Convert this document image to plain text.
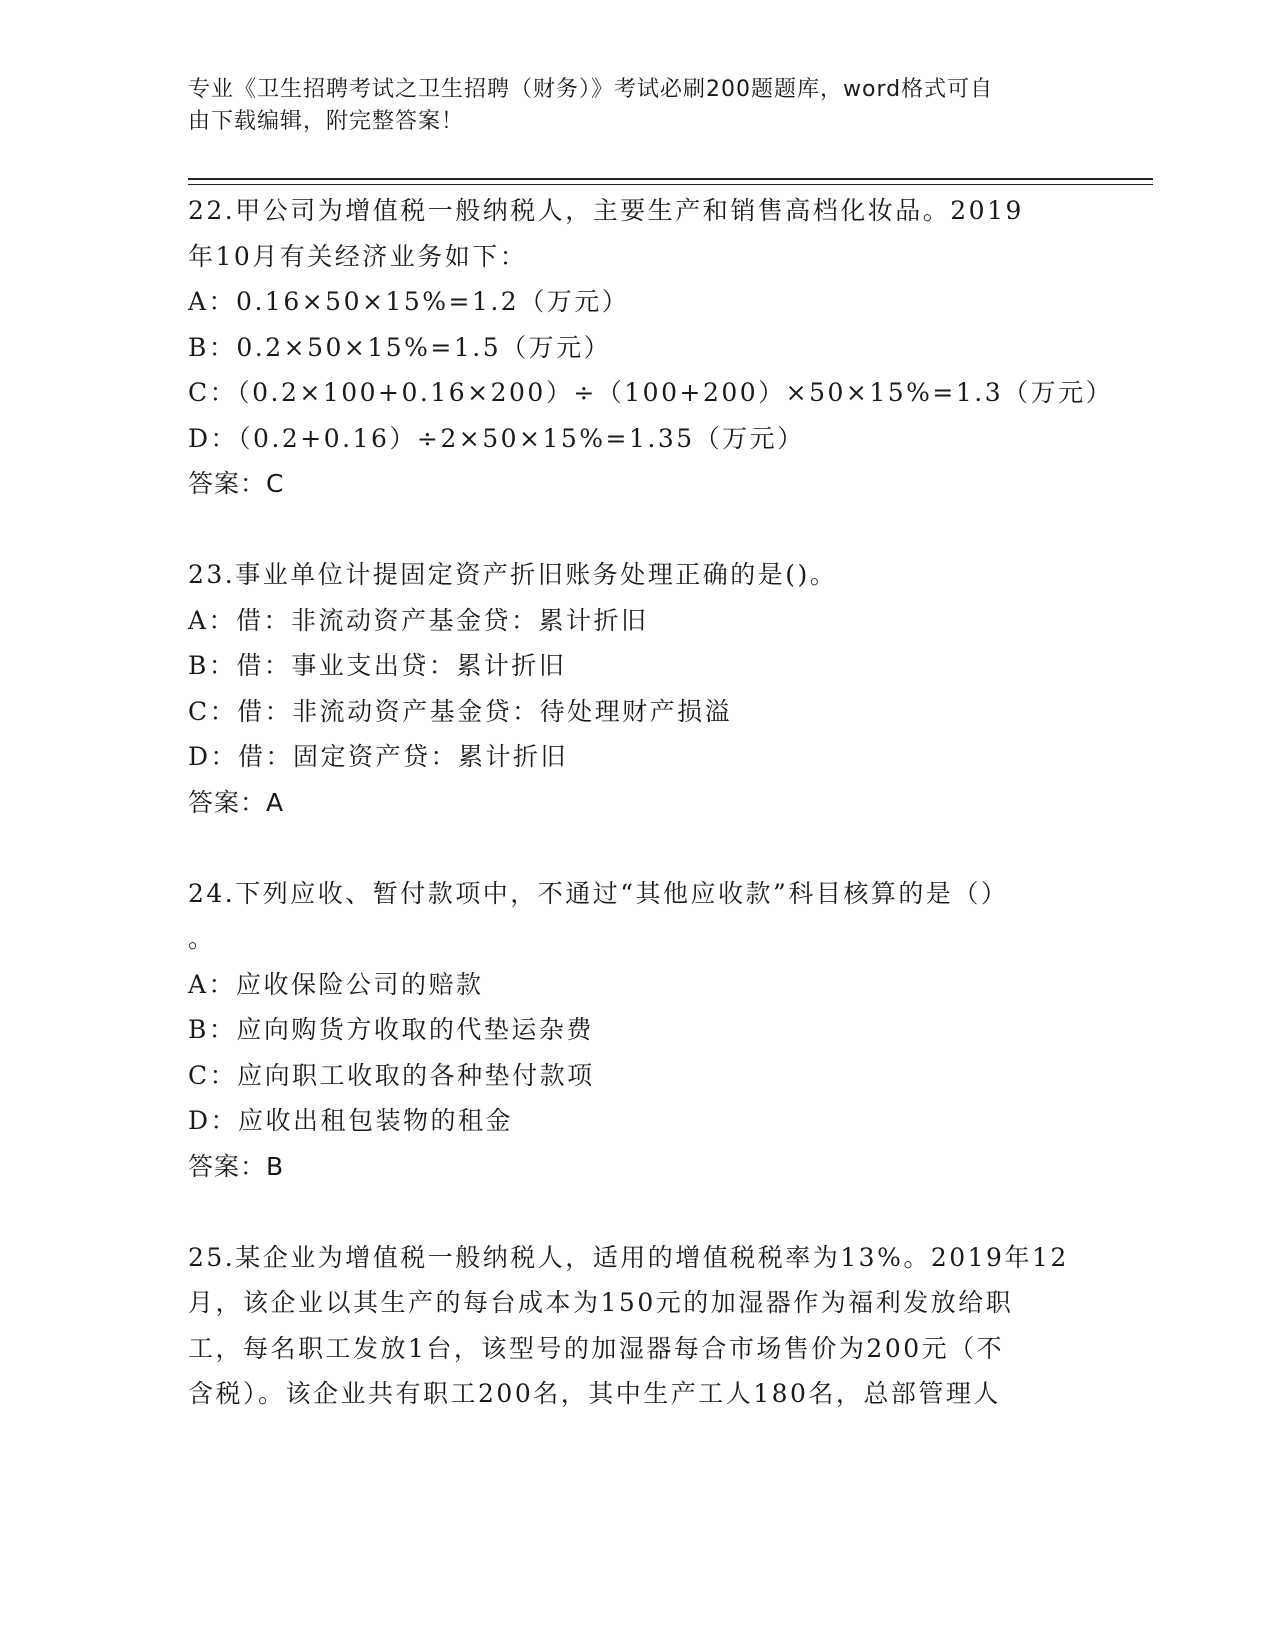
专业《卫生招聘考试之卫生招聘（财务）》考试必刷200题题库，word格式可自
由下载编辑，附完整答案！
22.甲公司为增值税一般纳税人，主要生产和销售高档化妆品。2019
年10月有关经济业务如下：
A：0.16×50×15%=1.2（万元）
B：0.2×50×15%=1.5（万元）
C：（0.2×100+0.16×200）÷（100+200）×50×15%=1.3（万元）
D：（0.2+0.16）÷2×50×15%=1.35（万元）
答案：C
23.事业单位计提固定资产折旧账务处理正确的是()。
A：借：非流动资产基金贷：累计折旧
B：借：事业支出贷：累计折旧
C：借：非流动资产基金贷：待处理财产损溢
D：借：固定资产贷：累计折旧
答案：A
24.下列应收、暂付款项中，不通过“其他应收款”科目核算的是（）
。
A：应收保险公司的赔款
B：应向购货方收取的代垫运杂费
C：应向职工收取的各种垫付款项
D：应收出租包装物的租金
答案：B
25.某企业为增值税一般纳税人，适用的增值税税率为13%。2019年12
月，该企业以其生产的每台成本为150元的加湿器作为福利发放给职
工，每名职工发放1台，该型号的加湿器每合市场售价为200元（不
含税）。该企业共有职工200名，其中生产工人180名，总部管理人
